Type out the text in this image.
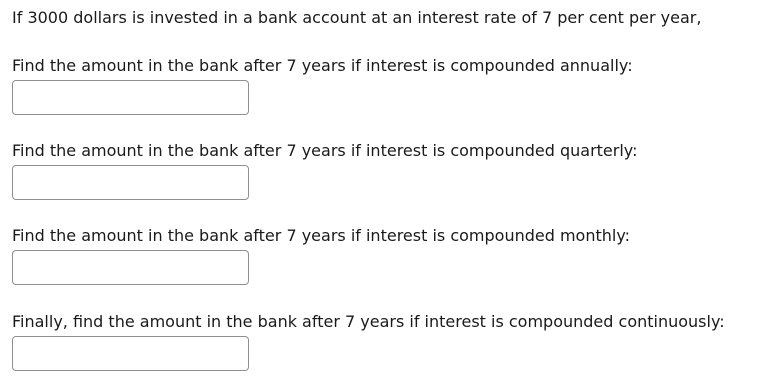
If 3000 dollars is invested in a bank account at an interest rate of 7 per cent per year,

Find the amount in the bank after 7 years if interest is compounded annually:

Find the amount in the bank after 7 years if interest is compounded quarterly:

Find the amount in the bank after 7 years if interest is compounded monthly:

Finally, find the amount in the bank after 7 years if interest is compounded continuously:
